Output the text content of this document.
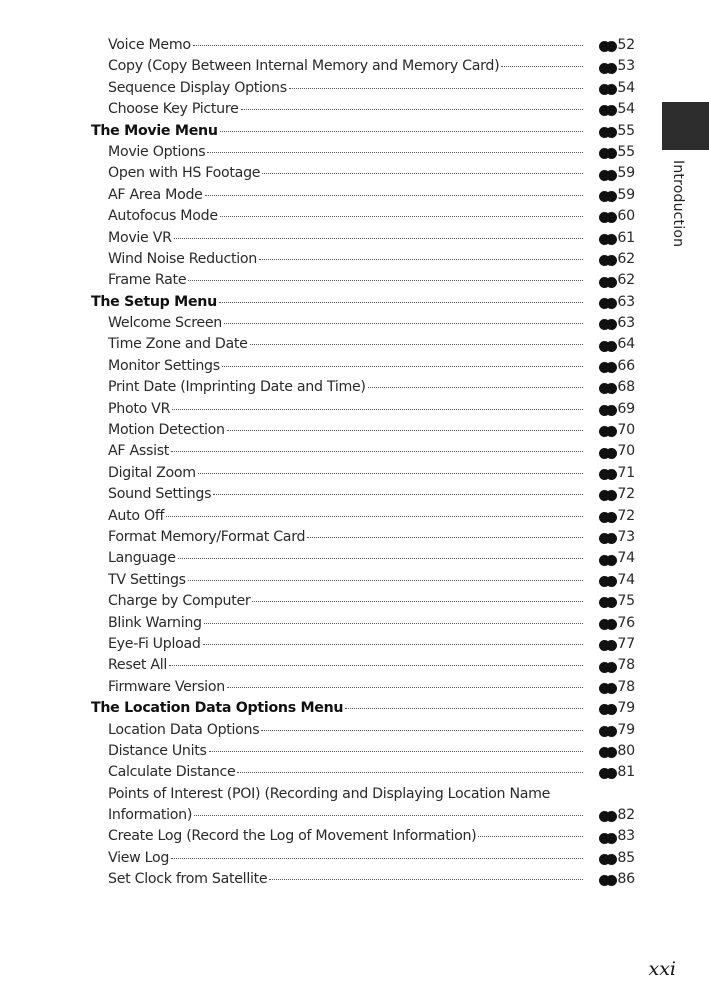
Introduction
Voice Memo	52
Copy (Copy Between Internal Memory and Memory Card)	53
Sequence Display Options	54
Choose Key Picture	54
The Movie Menu	55
Movie Options	55
Open with HS Footage	59
AF Area Mode	59
Autofocus Mode	60
Movie VR	61
Wind Noise Reduction	62
Frame Rate	62
The Setup Menu	63
Welcome Screen	63
Time Zone and Date	64
Monitor Settings	66
Print Date (Imprinting Date and Time)	68
Photo VR	69
Motion Detection	70
AF Assist	70
Digital Zoom	71
Sound Settings	72
Auto Off	72
Format Memory/Format Card	73
Language	74
TV Settings	74
Charge by Computer	75
Blink Warning	76
Eye-Fi Upload	77
Reset All	78
Firmware Version	78
The Location Data Options Menu	79
Location Data Options	79
Distance Units	80
Calculate Distance	81
Points of Interest (POI) (Recording and Displaying Location Name
Information)	82
Create Log (Record the Log of Movement Information)	83
View Log	85
Set Clock from Satellite	86
xxi
